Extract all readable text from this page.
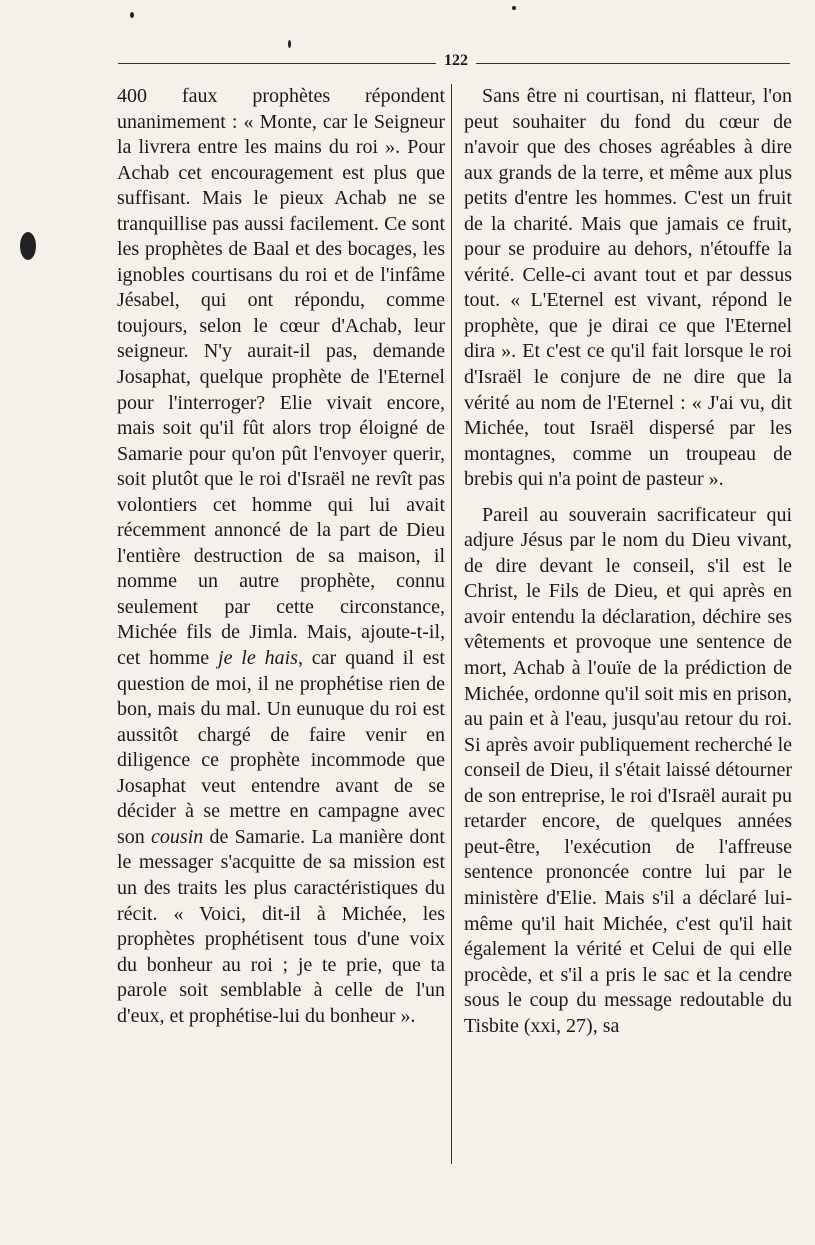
122

400 faux prophètes répondent unanimement : « Monte, car le Seigneur la livrera entre les mains du roi ». Pour Achab cet encouragement est plus que suffisant. Mais le pieux Achab ne se tranquillise pas aussi facilement. Ce sont les prophètes de Baal et des bocages, les ignobles courtisans du roi et de l'infâme Jésabel, qui ont répondu, comme toujours, selon le cœur d'Achab, leur seigneur. N'y aurait-il pas, demande Josaphat, quelque prophète de l'Eternel pour l'interroger? Elie vivait encore, mais soit qu'il fût alors trop éloigné de Samarie pour qu'on pût l'envoyer querir, soit plutôt que le roi d'Israël ne revît pas volontiers cet homme qui lui avait récemment annoncé de la part de Dieu l'entière destruction de sa maison, il nomme un autre prophète, connu seulement par cette circonstance, Michée fils de Jimla. Mais, ajoute-t-il, cet homme je le hais, car quand il est question de moi, il ne prophétise rien de bon, mais du mal. Un eunuque du roi est aussitôt chargé de faire venir en diligence ce prophète incommode que Josaphat veut entendre avant de se décider à se mettre en campagne avec son cousin de Samarie. La manière dont le messager s'acquitte de sa mission est un des traits les plus caractéristiques du récit. « Voici, dit-il à Michée, les prophètes prophétisent tous d'une voix du bonheur au roi ; je te prie, que ta parole soit semblable à celle de l'un d'eux, et prophétise-lui du bonheur ».

Sans être ni courtisan, ni flatteur, l'on peut souhaiter du fond du cœur de n'avoir que des choses agréables à dire aux grands de la terre, et même aux plus petits d'entre les hommes. C'est un fruit de la charité. Mais que jamais ce fruit, pour se produire au dehors, n'étouffe la vérité. Celle-ci avant tout et par dessus tout. « L'Eternel est vivant, répond le prophète, que je dirai ce que l'Eternel dira ». Et c'est ce qu'il fait lorsque le roi d'Israël le conjure de ne dire que la vérité au nom de l'Eternel : « J'ai vu, dit Michée, tout Israël dispersé par les montagnes, comme un troupeau de brebis qui n'a point de pasteur ».

Pareil au souverain sacrificateur qui adjure Jésus par le nom du Dieu vivant, de dire devant le conseil, s'il est le Christ, le Fils de Dieu, et qui après en avoir entendu la déclaration, déchire ses vêtements et provoque une sentence de mort, Achab à l'ouïe de la prédiction de Michée, ordonne qu'il soit mis en prison, au pain et à l'eau, jusqu'au retour du roi. Si après avoir publiquement recherché le conseil de Dieu, il s'était laissé détourner de son entreprise, le roi d'Israël aurait pu retarder encore, de quelques années peut-être, l'exécution de l'affreuse sentence prononcée contre lui par le ministère d'Elie. Mais s'il a déclaré lui-même qu'il hait Michée, c'est qu'il hait également la vérité et Celui de qui elle procède, et s'il a pris le sac et la cendre sous le coup du message redoutable du Tisbite (xxi, 27), sa
